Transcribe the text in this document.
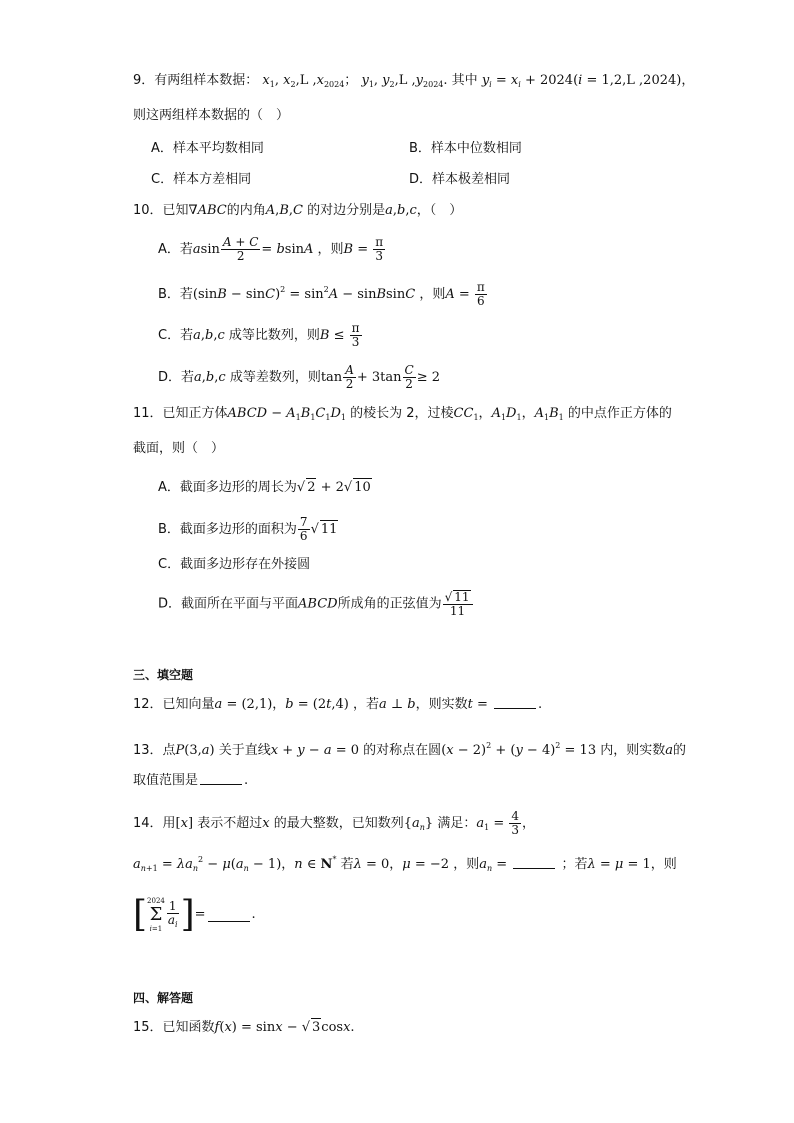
9．有两组样本数据： $x_1$, $x_2,L$ $,x_{2024}$； $y_1$, $y_2,L$ $,y_{2024}$. 其中 $y_i = x_i + 2024(i = 1,2,L$ ,2024)，
则这两组样本数据的（　）
A．样本平均数相同	B．样本中位数相同
C．样本方差相同	D．样本极差相同
10．已知∇ABC的内角A,B,C 的对边分别是a,b,c，（　）
A．若asin $\frac{A + C}{2} = bsinA$ ，则$B = \frac{\pi}{3}$
B．若$(\sin B - \sin C)^2 = \sin^2A$ − sinBsinC ，则$A = \frac{\pi}{6}$
C．若a,b,c 成等比数列，则$B \le \frac{\pi}{3}$
D．若a,b,c 成等差数列，则$\tan \frac{A}{2} + 3\tan \frac{C}{2} \ge 2$
11．已知正方体ABCD − $A_1B_1C_1D_1$ 的棱长为 2，过棱$CC_1$，$A_1D_1$，$A_1B_1$ 的中点作正方体的
截面，则（　）
A．截面多边形的周长为√ 2 + 2√ 10
B．截面多边形的面积为 $\frac{7}{6}$ √ 11
C．截面多边形存在外接圆
D．截面所在平面与平面ABCD所成角的正弦值为 $\frac{√ 11}{11}$
三、填空题
12．已知向量a = (2,1)，b = (2t,4) ，若a ⊥ b，则实数t =	.
13．点P(3,a) 关于直线x + y − a = 0 的对称点在圆$(x - 2)^2 + (y - 4)^2 = 13$ 内，则实数a的
取值范围是	.
14．用[x] 表示不超过x 的最大整数，已知数列$\{a_n\}$ 满足：$a_1 = \frac{4}{3}$ ，
$a_{n+1} = \lambda a_n^2 - \mu(a_n - 1)$，n ∈ N* 若λ = 0，μ = −2 ，则$a_n$ =	；若λ = μ = 1，则
[ 2024
Σ
$i=1 \frac{1}{a_i}$ ] =	.
四、解答题
15．已知函数f(x) = sinx − √ 3cosx.
